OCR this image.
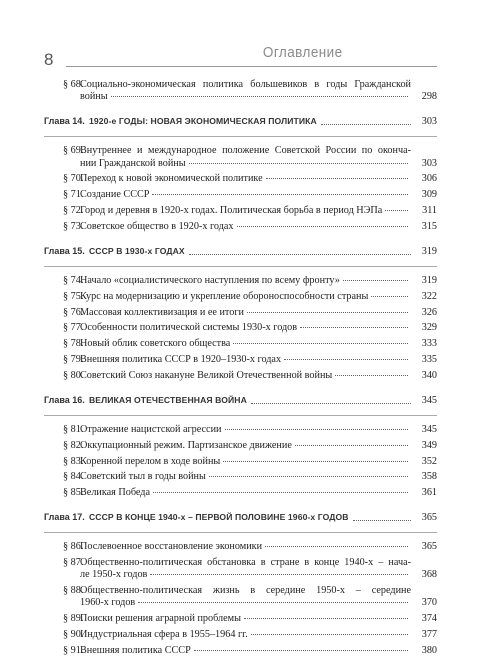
8	Оглавление
§ 68.
Социально-экономическая политика большевиков в годы Гражданской
войны	298
Глава 14. 1920-е ГОДЫ: НОВАЯ ЭКОНОМИЧЕСКАЯ ПОЛИТИКА	303
§ 69.
Внутреннее и международное положение Советской России по оконча-
нии Гражданской войны	303
§ 70.
Переход к новой экономической политике	306
§ 71.
Создание СССР	309
§ 72.
Город и деревня в 1920-х годах. Политическая борьба в период НЭПа	311
§ 73.
Советское общество в 1920-х годах	315
Глава 15. СССР В 1930-х ГОДАХ	319
§ 74.
Начало «социалистического наступления по всему фронту»	319
§ 75.
Курс на модернизацию и укрепление обороноспособности страны	322
§ 76.
Массовая коллективизация и ее итоги	326
§ 77.
Особенности политической системы 1930-х годов	329
§ 78.
Новый облик советского общества	333
§ 79.
Внешняя политика СССР в 1920–1930-х годах	335
§ 80.
Советский Союз накануне Великой Отечественной войны	340
Глава 16. ВЕЛИКАЯ ОТЕЧЕСТВЕННАЯ ВОЙНА	345
§ 81.
Отражение нацистской агрессии	345
§ 82.
Оккупационный режим. Партизанское движение	349
§ 83.
Коренной перелом в ходе войны	352
§ 84.
Советский тыл в годы войны	358
§ 85.
Великая Победа	361
Глава 17. СССР В КОНЦЕ 1940-х – ПЕРВОЙ ПОЛОВИНЕ 1960-х ГОДОВ	365
§ 86.
Послевоенное восстановление экономики	365
§ 87.
Общественно-политическая обстановка в стране в конце 1940-х – нача-
ле 1950-х годов	368
§ 88.
Общественно-политическая жизнь в середине 1950-х – середине
1960-х годов	370
§ 89.
Поиски решения аграрной проблемы	374
§ 90.
Индустриальная сфера в 1955–1964 гг.	377
§ 91.
Внешняя политика СССР	380
